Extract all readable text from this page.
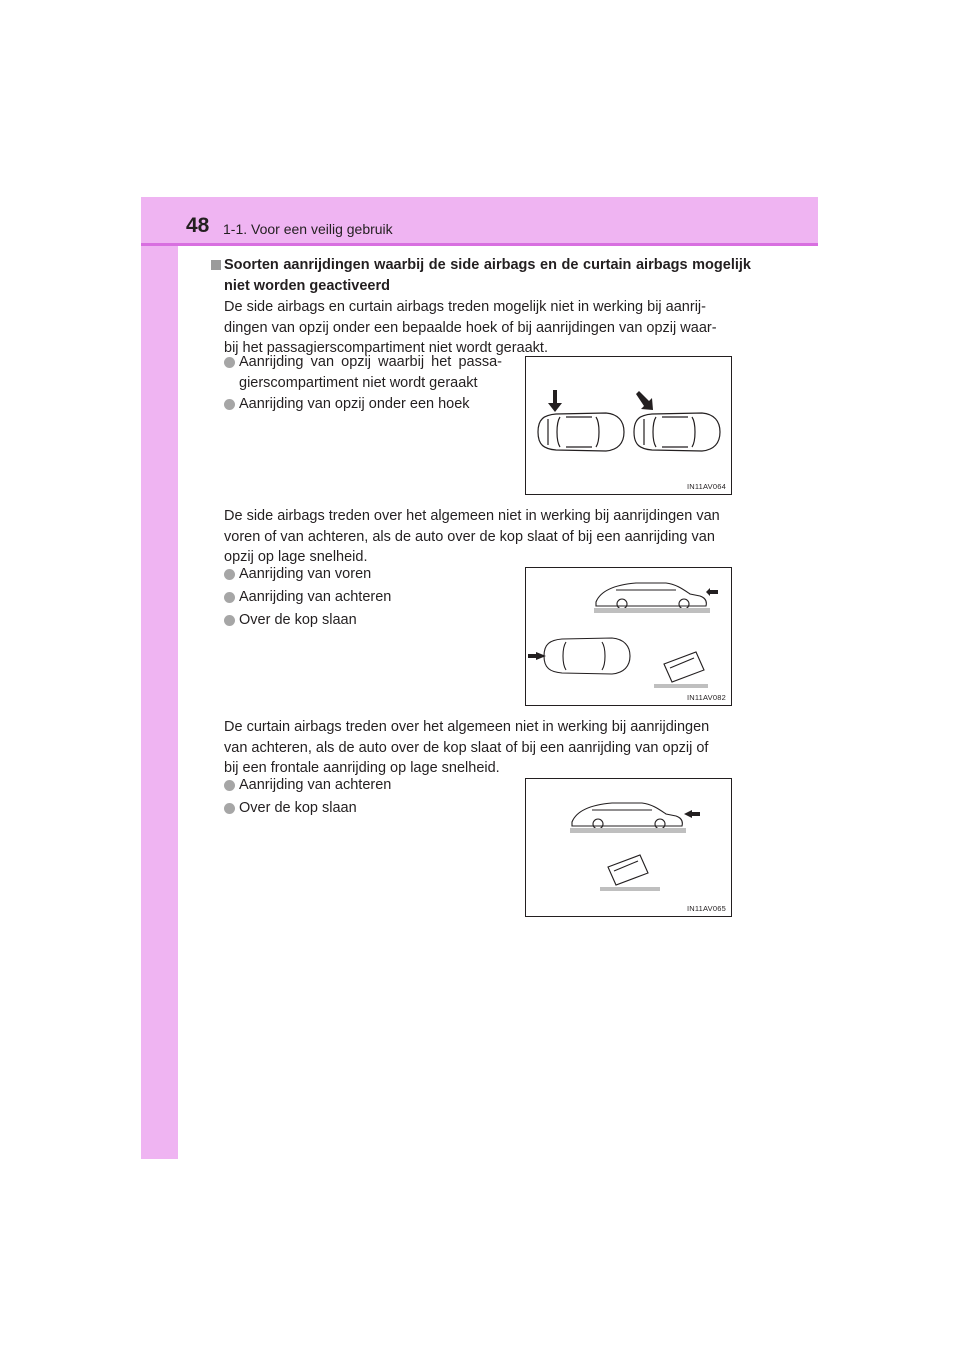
48 1-1. Voor een veilig gebruik
Soorten aanrijdingen waarbij de side airbags en de curtain airbags mogelijk niet worden geactiveerd
De side airbags en curtain airbags treden mogelijk niet in werking bij aanrij-
dingen van opzij onder een bepaalde hoek of bij aanrijdingen van opzij waar-
bij het passagierscompartiment niet wordt geraakt.
Aanrijding van opzij waarbij het passa-
gierscompartiment niet wordt geraakt
Aanrijding van opzij onder een hoek
IN11AV064
De side airbags treden over het algemeen niet in werking bij aanrijdingen van
voren of van achteren, als de auto over de kop slaat of bij een aanrijding van
opzij op lage snelheid.
Aanrijding van voren
Aanrijding van achteren
Over de kop slaan
IN11AV082
De curtain airbags treden over het algemeen niet in werking bij aanrijdingen
van achteren, als de auto over de kop slaat of bij een aanrijding van opzij of
bij een frontale aanrijding op lage snelheid.
Aanrijding van achteren
Over de kop slaan
IN11AV065
